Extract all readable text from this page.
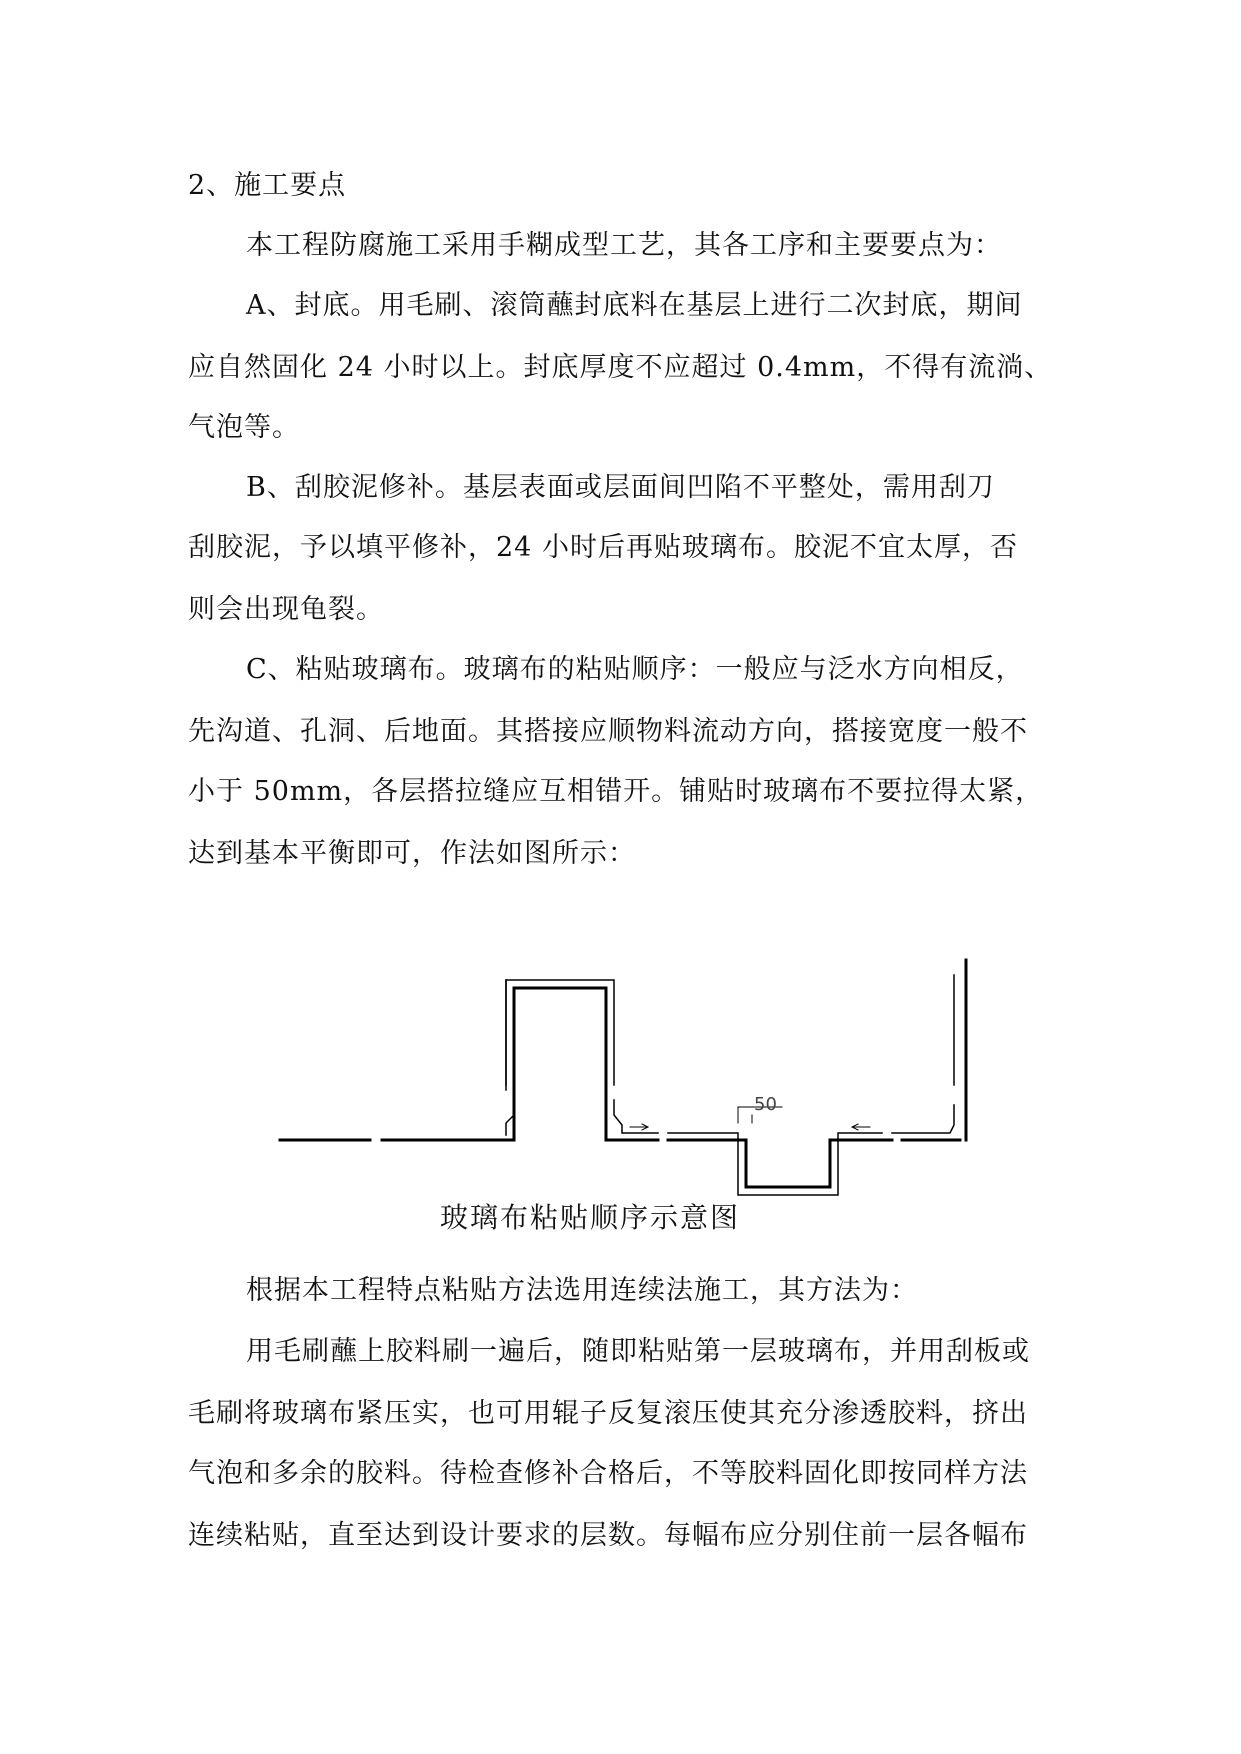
2、施工要点
本工程防腐施工采用手糊成型工艺，其各工序和主要要点为：
A、封底。用毛刷、滚筒蘸封底料在基层上进行二次封底，期间
应自然固化 24 小时以上。封底厚度不应超过 0.4mm，不得有流淌、
气泡等。
B、刮胶泥修补。基层表面或层面间凹陷不平整处，需用刮刀
刮胶泥，予以填平修补，24 小时后再贴玻璃布。胶泥不宜太厚，否
则会出现龟裂。
C、粘贴玻璃布。玻璃布的粘贴顺序：一般应与泛水方向相反，
先沟道、孔洞、后地面。其搭接应顺物料流动方向，搭接宽度一般不
小于 50mm，各层搭拉缝应互相错开。铺贴时玻璃布不要拉得太紧，
达到基本平衡即可，作法如图所示：
50
玻璃布粘贴顺序示意图
根据本工程特点粘贴方法选用连续法施工，其方法为：
用毛刷蘸上胶料刷一遍后，随即粘贴第一层玻璃布，并用刮板或
毛刷将玻璃布紧压实，也可用辊子反复滚压使其充分渗透胶料，挤出
气泡和多余的胶料。待检查修补合格后，不等胶料固化即按同样方法
连续粘贴，直至达到设计要求的层数。每幅布应分别住前一层各幅布
